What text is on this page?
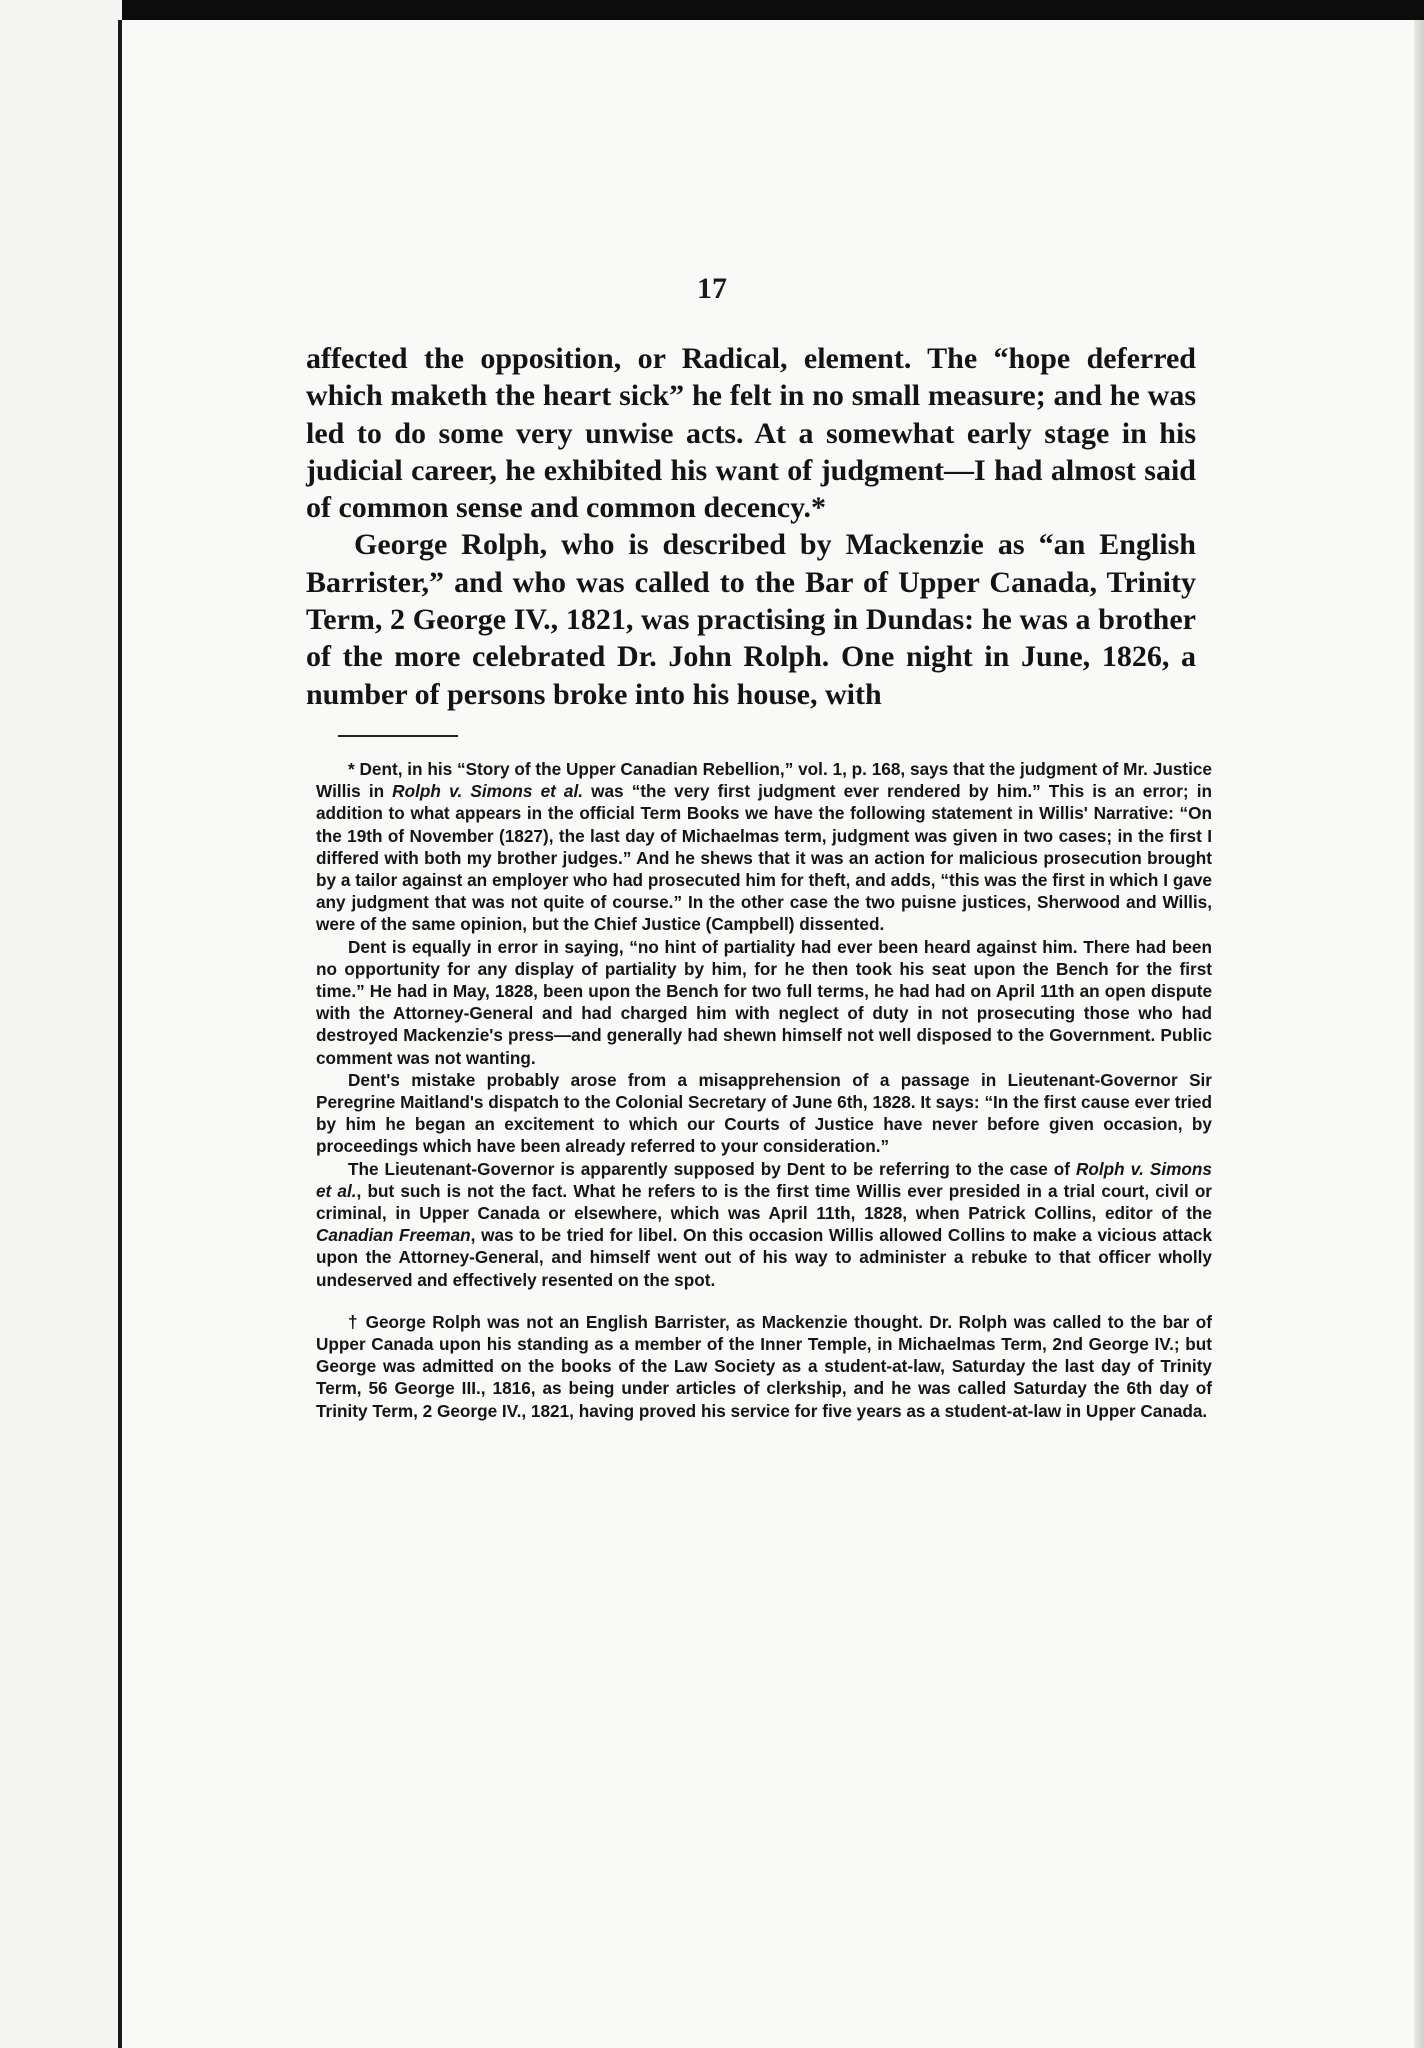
17

affected the opposition, or Radical, element. The “hope deferred which maketh the heart sick” he felt in no small measure; and he was led to do some very unwise acts. At a somewhat early stage in his judicial career, he exhibited his want of judgment—I had almost said of common sense and common decency.*

George Rolph, who is described by Mackenzie as “an English Barrister,” and who was called to the Bar of Upper Canada, Trinity Term, 2 George IV., 1821, was practising in Dundas: he was a brother of the more celebrated Dr. John Rolph. One night in June, 1826, a number of persons broke into his house, with

* Dent, in his “Story of the Upper Canadian Rebellion,” vol. 1, p. 168, says that the judgment of Mr. Justice Willis in Rolph v. Simons et al. was “the very first judgment ever rendered by him.” This is an error; in addition to what appears in the official Term Books we have the following statement in Willis' Narrative: “On the 19th of November (1827), the last day of Michaelmas term, judgment was given in two cases; in the first I differed with both my brother judges.” And he shews that it was an action for malicious prosecution brought by a tailor against an employer who had prosecuted him for theft, and adds, “this was the first in which I gave any judgment that was not quite of course.” In the other case the two puisne justices, Sherwood and Willis, were of the same opinion, but the Chief Justice (Campbell) dissented.

Dent is equally in error in saying, “no hint of partiality had ever been heard against him. There had been no opportunity for any display of partiality by him, for he then took his seat upon the Bench for the first time.” He had in May, 1828, been upon the Bench for two full terms, he had had on April 11th an open dispute with the Attorney-General and had charged him with neglect of duty in not prosecuting those who had destroyed Mackenzie's press—and generally had shewn himself not well disposed to the Government. Public comment was not wanting.

Dent's mistake probably arose from a misapprehension of a passage in Lieutenant-Governor Sir Peregrine Maitland's dispatch to the Colonial Secretary of June 6th, 1828. It says: “In the first cause ever tried by him he began an excitement to which our Courts of Justice have never before given occasion, by proceedings which have been already referred to your consideration.”

The Lieutenant-Governor is apparently supposed by Dent to be referring to the case of Rolph v. Simons et al., but such is not the fact. What he refers to is the first time Willis ever presided in a trial court, civil or criminal, in Upper Canada or elsewhere, which was April 11th, 1828, when Patrick Collins, editor of the Canadian Freeman, was to be tried for libel. On this occasion Willis allowed Collins to make a vicious attack upon the Attorney-General, and himself went out of his way to administer a rebuke to that officer wholly undeserved and effectively resented on the spot.

† George Rolph was not an English Barrister, as Mackenzie thought. Dr. Rolph was called to the bar of Upper Canada upon his standing as a member of the Inner Temple, in Michaelmas Term, 2nd George IV.; but George was admitted on the books of the Law Society as a student-at-law, Saturday the last day of Trinity Term, 56 George III., 1816, as being under articles of clerkship, and he was called Saturday the 6th day of Trinity Term, 2 George IV., 1821, having proved his service for five years as a student-at-law in Upper Canada.
